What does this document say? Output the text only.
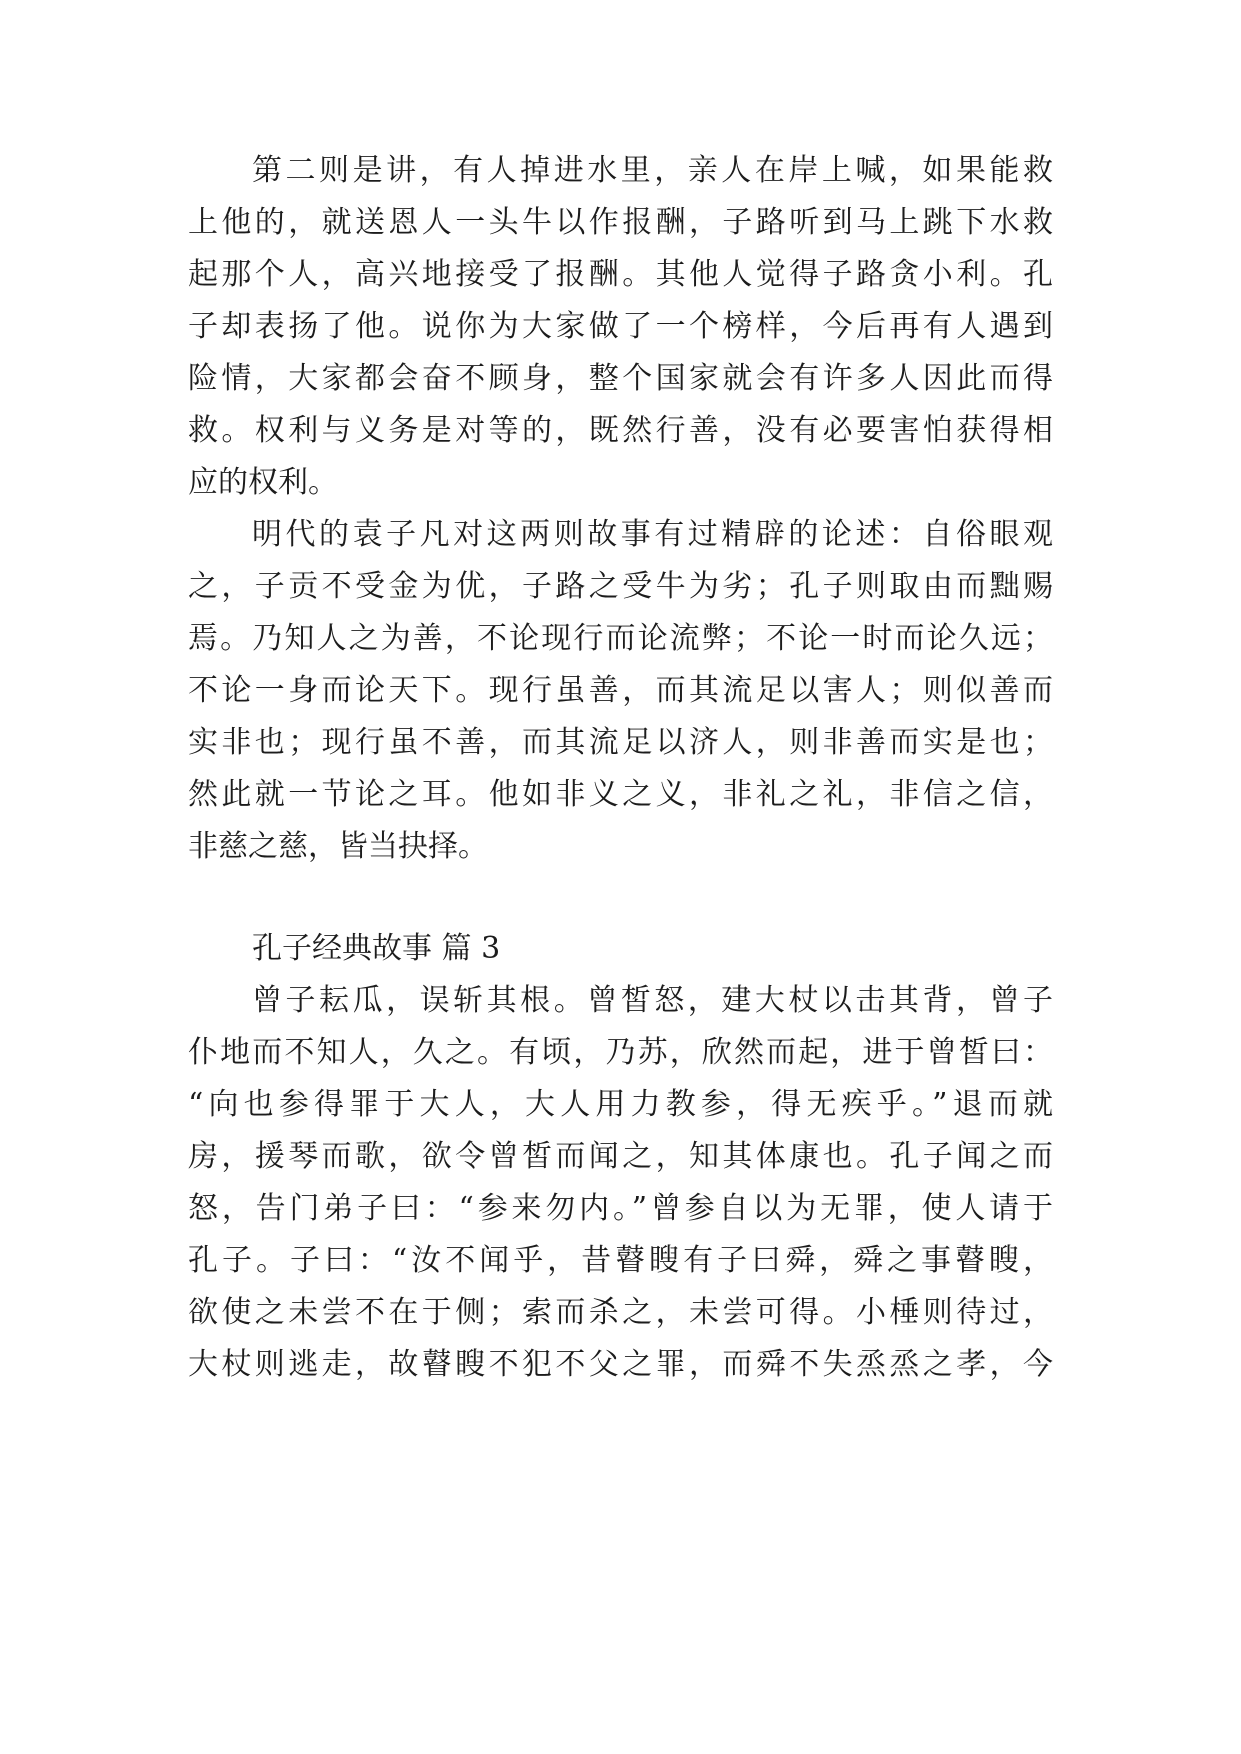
第二则是讲，有人掉进水里，亲人在岸上喊，如果能救
上他的，就送恩人一头牛以作报酬，子路听到马上跳下水救
起那个人，高兴地接受了报酬。其他人觉得子路贪小利。孔
子却表扬了他。说你为大家做了一个榜样，今后再有人遇到
险情，大家都会奋不顾身，整个国家就会有许多人因此而得
救。权利与义务是对等的，既然行善，没有必要害怕获得相
应的权利。
明代的袁子凡对这两则故事有过精辟的论述：自俗眼观
之，子贡不受金为优，子路之受牛为劣；孔子则取由而黜赐
焉。乃知人之为善，不论现行而论流弊；不论一时而论久远；
不论一身而论天下。现行虽善，而其流足以害人；则似善而
实非也；现行虽不善，而其流足以济人，则非善而实是也；
然此就一节论之耳。他如非义之义，非礼之礼，非信之信，
非慈之慈，皆当抉择。
孔子经典故事 篇 3
曾子耘瓜，误斩其根。曾皙怒，建大杖以击其背，曾子
仆地而不知人，久之。有顷，乃苏，欣然而起，进于曾皙曰：
“向也参得罪于大人，大人用力教参，得无疾乎。”退而就
房，援琴而歌，欲令曾皙而闻之，知其体康也。孔子闻之而
怒，告门弟子曰：“参来勿内。”曾参自以为无罪，使人请于
孔子。子曰：“汝不闻乎，昔瞽瞍有子曰舜，舜之事瞽瞍，
欲使之未尝不在于侧；索而杀之，未尝可得。小棰则待过，
大杖则逃走，故瞽瞍不犯不父之罪，而舜不失烝烝之孝，今
